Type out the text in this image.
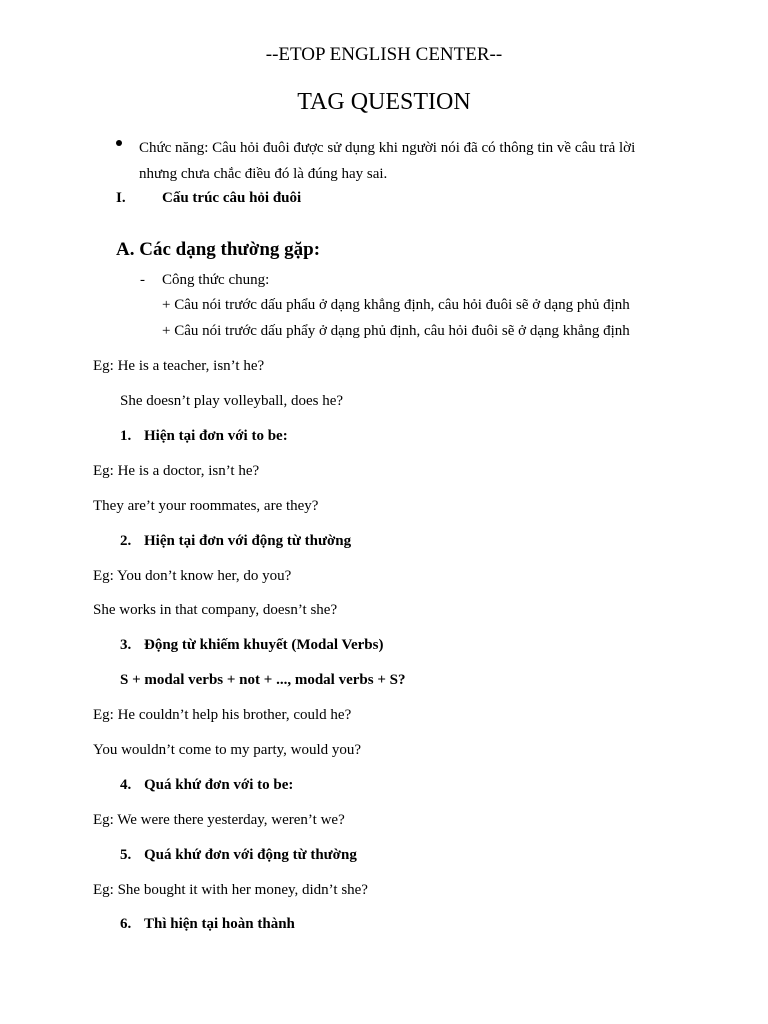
--ETOP ENGLISH CENTER--
TAG QUESTION
Chức năng: Câu hỏi đuôi được sử dụng khi người nói đã có thông tin về câu trả lời
nhưng chưa chắc điều đó là đúng hay sai.
I. Cấu trúc câu hỏi đuôi
A. Các dạng thường gặp:
- Công thức chung:
+ Câu nói trước dấu phẩu ở dạng khẳng định, câu hỏi đuôi sẽ ở dạng phủ định
+ Câu nói trước dấu phẩy ở dạng phủ định, câu hỏi đuôi sẽ ở dạng khẳng định
Eg: He is a teacher, isn’t he?
She doesn’t play volleyball, does he?
1. Hiện tại đơn với to be:
Eg: He is a doctor, isn’t he?
They are’t your roommates, are they?
2. Hiện tại đơn với động từ thường
Eg: You don’t know her, do you?
She works in that company, doesn’t she?
3. Động từ khiếm khuyết (Modal Verbs)
S + modal verbs + not + ..., modal verbs + S?
Eg: He couldn’t help his brother, could he?
You wouldn’t come to my party, would you?
4. Quá khứ đơn với to be:
Eg: We were there yesterday, weren’t we?
5. Quá khứ đơn với động từ thường
Eg: She bought it with her money, didn’t she?
6. Thì hiện tại hoàn thành
